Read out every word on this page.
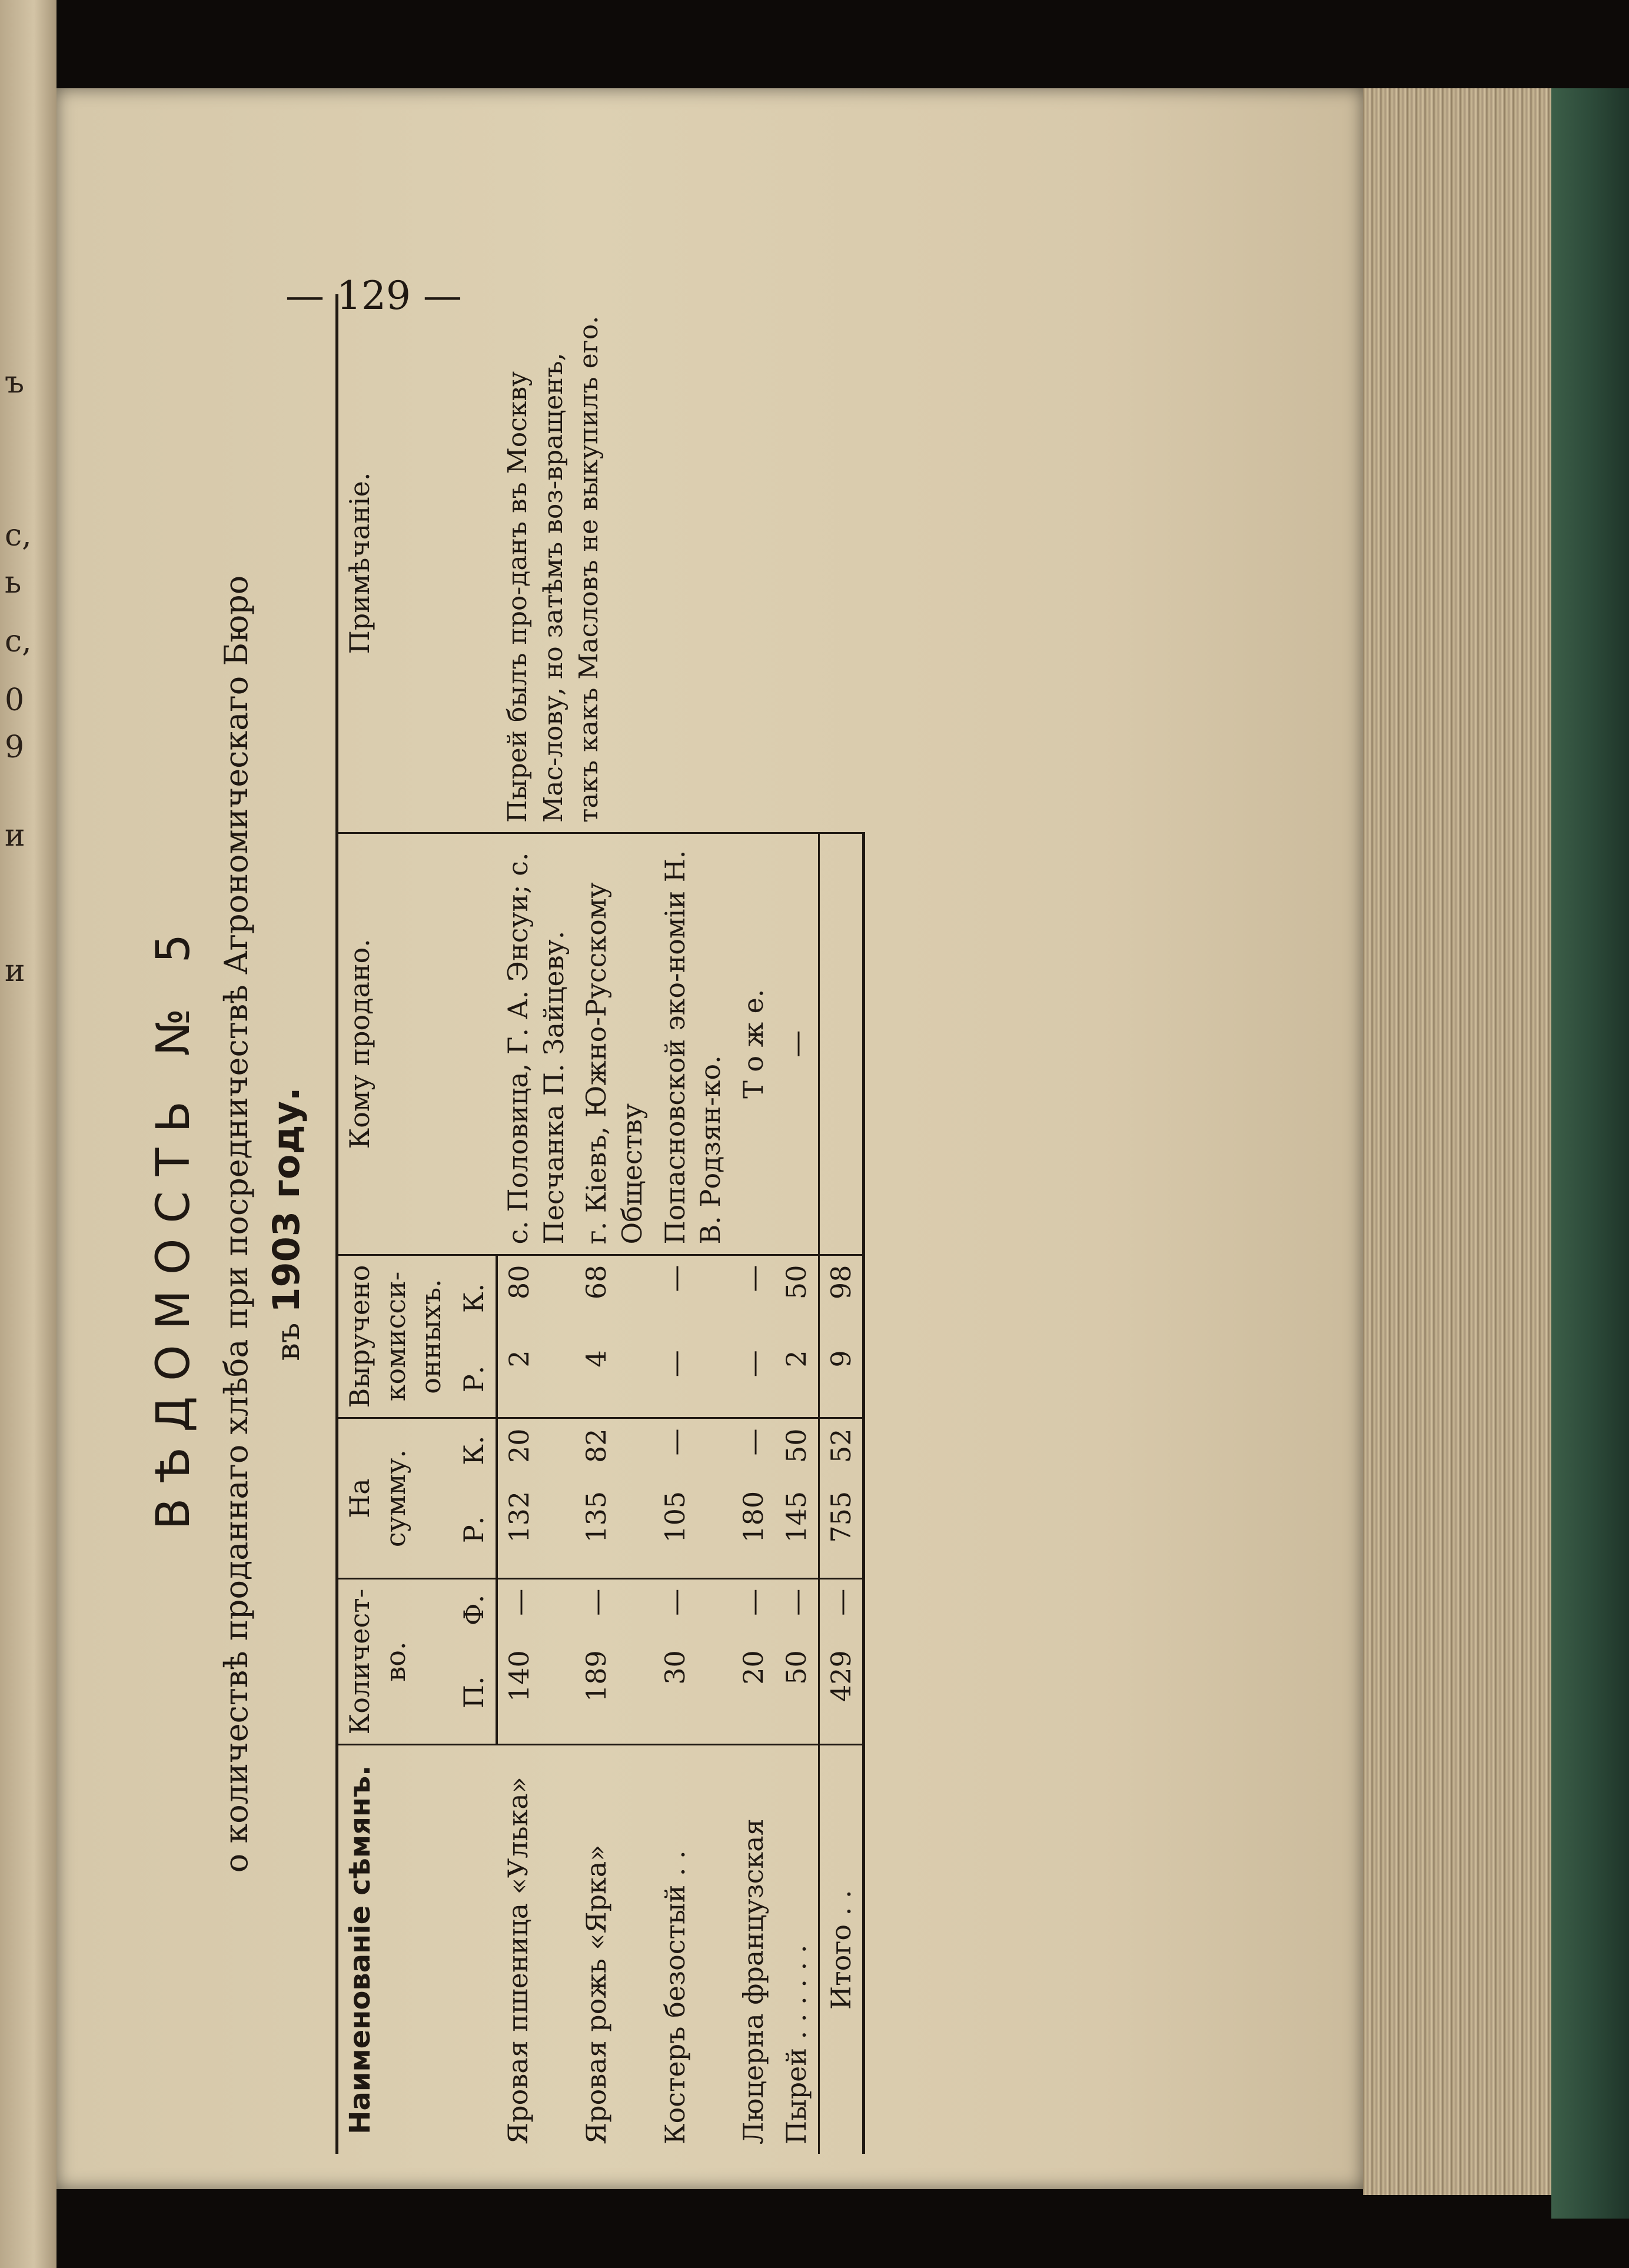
ъ
с,
ь
с,
0
9
и
и	ВѢДОМОСТЬ № 5 о количествѣ проданнаго хлѣба при посредничествѣ Агрономическаго Бюро въ 1903 году.
— 129 —
Наименованіе сѣмянъ.	Количест-во.		На сумму.		Выручено комисси-онныхъ.		Кому продано.	Примѣчаніе.
	П.	Ф.	Р.	К.	Р.	К.		
Яровая пшеница «Улька»	140	—	132	20	2	80	с. Половица, Г. А. Энсуи; с. Песчанка П. Зайцеву.	Пырей былъ про-данъ въ Москву Мас-лову, но затѣмъ воз-вращенъ, такъ какъ Масловъ не выкупилъ его.
Яровая рожь «Ярка»	189	—	135	82	4	68	г. Кіевъ, Южно-Русскому Обществу	
Костеръ безостый . .	30	—	105	—	—	—	Попасновской эко-номіи Н. В. Родзян-ко.	
Люцерна французская	20	—	180	—	—	—	Т о ж е.	
Пырей . . . . . .	50	—	145	50	2	50	—	
Итого . .	429	—	755	52	9	98		
